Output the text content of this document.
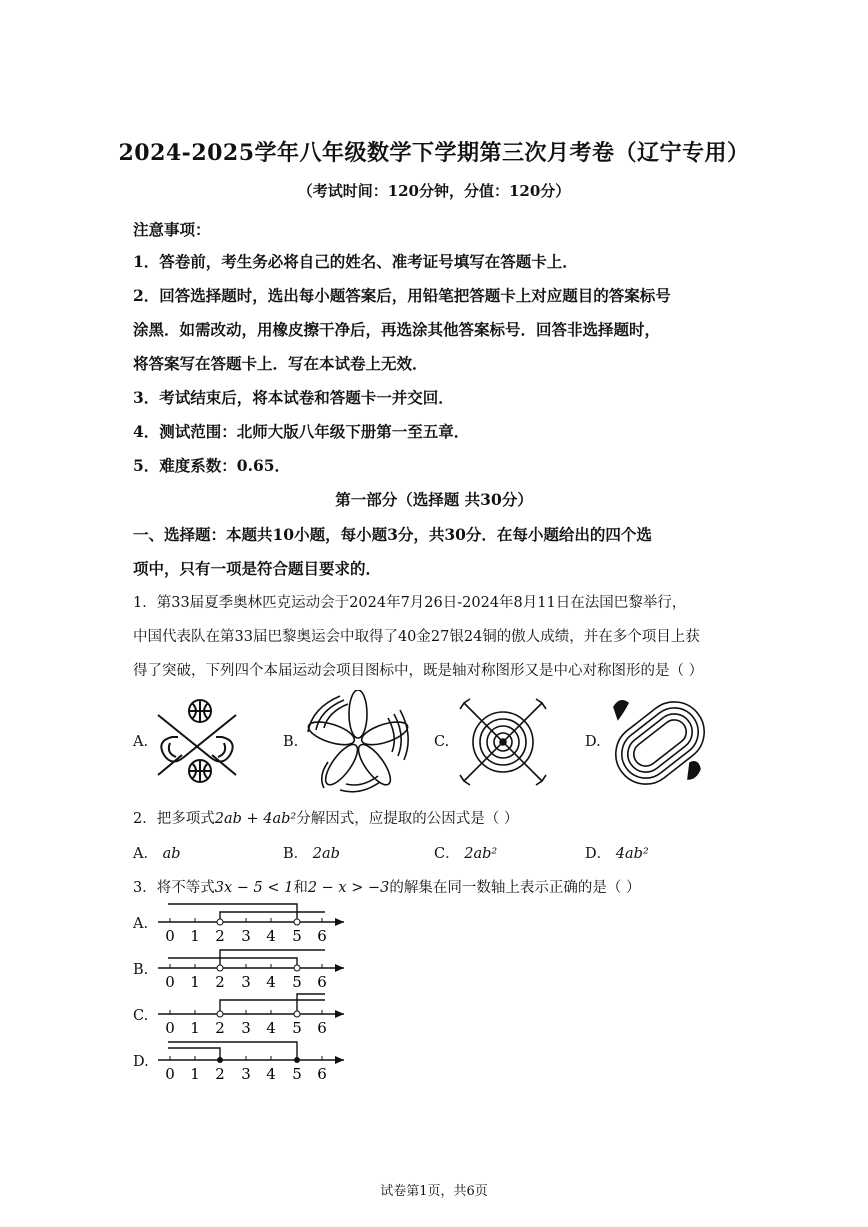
2024-2025学年八年级数学下学期第三次月考卷（辽宁专用）
（考试时间：120分钟，分值：120分）
注意事项：
1．答卷前，考生务必将自己的姓名、准考证号填写在答题卡上．
2．回答选择题时，选出每小题答案后，用铅笔把答题卡上对应题目的答案标号
涂黑．如需改动，用橡皮擦干净后，再选涂其他答案标号．回答非选择题时，
将答案写在答题卡上．写在本试卷上无效．
3．考试结束后，将本试卷和答题卡一并交回．
4．测试范围：北师大版八年级下册第一至五章．
5．难度系数：0.65．
第一部分（选择题 共30分）
一、选择题：本题共10小题，每小题3分，共30分．在每小题给出的四个选
项中，只有一项是符合题目要求的．
1．第33届夏季奥林匹克运动会于2024年7月26日-2024年8月11日在法国巴黎举行，
中国代表队在第33届巴黎奥运会中取得了40金27银24铜的傲人成绩，并在多个项目上获
得了突破，下列四个本届运动会项目图标中，既是轴对称图形又是中心对称图形的是（ ）
A.	B.	C.	D.
2．把多项式2ab + 4ab²分解因式，应提取的公因式是（ ）
A． ab	B． 2ab	C． 2ab²	D． 4ab²
3．将不等式3x − 5 < 1和2 − x > −3的解集在同一数轴上表示正确的是（ ）
A.
0 1 2 3 4 5 6
B.
0 1 2 3 4 5 6
C.
0 1 2 3 4 5 6
D.
0 1 2 3 4 5 6
试卷第1页，共6页
